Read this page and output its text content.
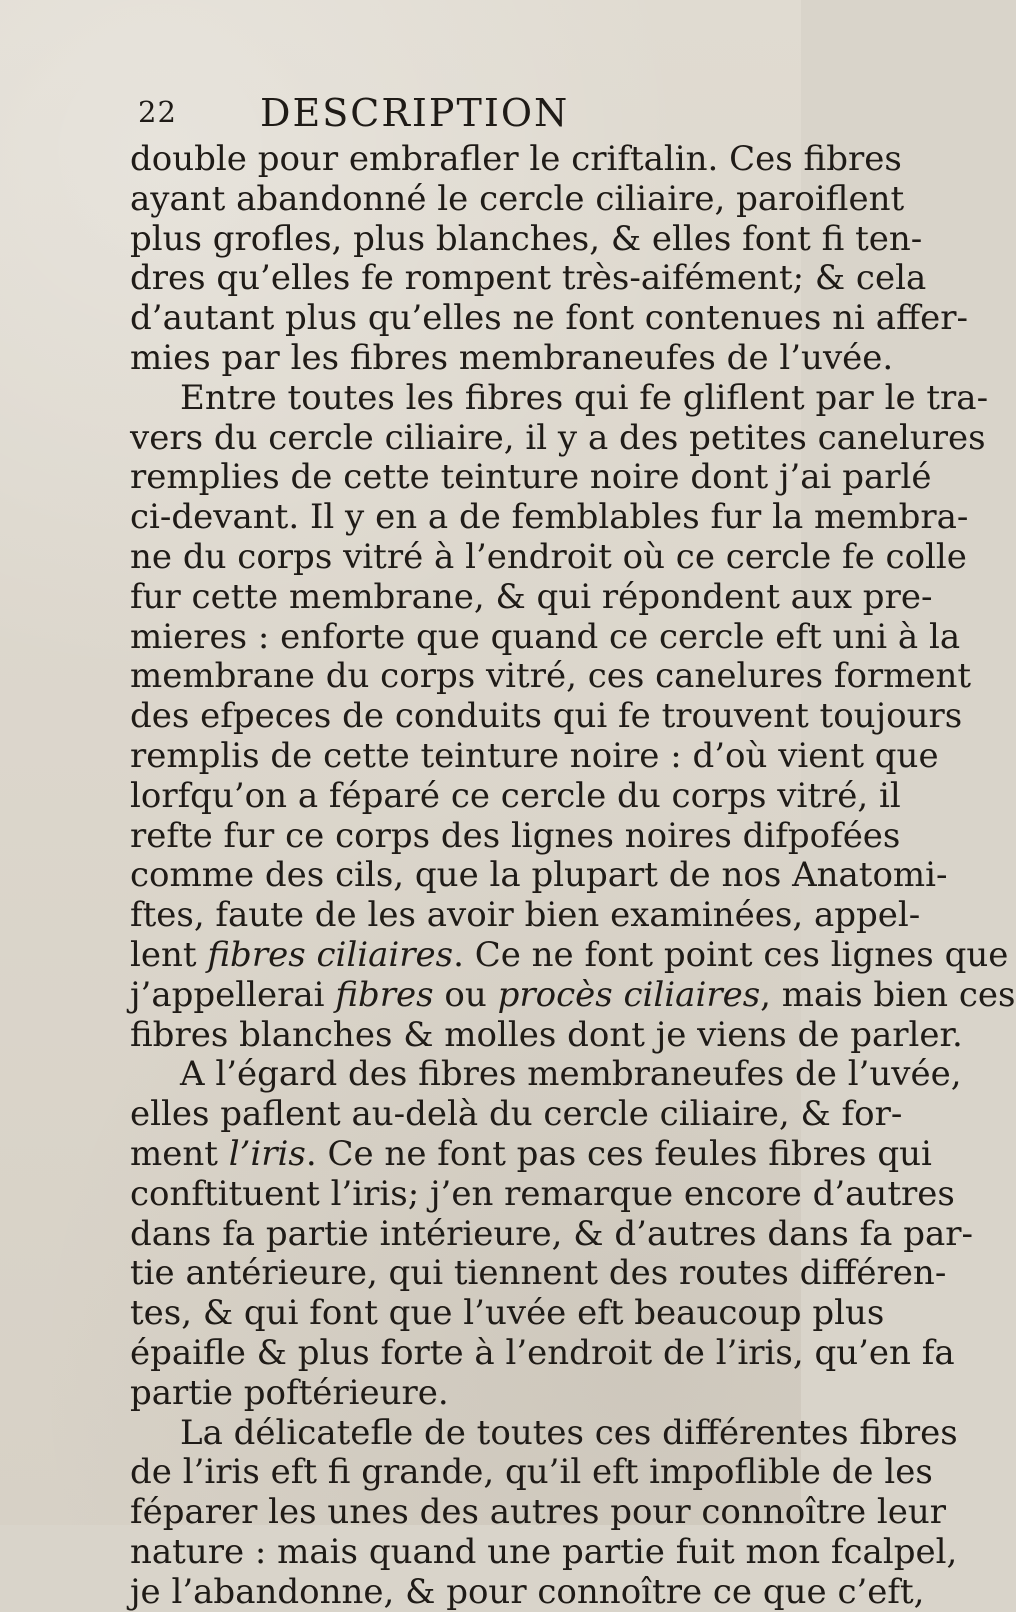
22 DESCRIPTION
double pour embrafler le criftalin. Ces fibres
ayant abandonné le cercle ciliaire, paroiflent
plus grofles, plus blanches, & elles font fi ten-
dres qu’elles fe rompent très-aifément; & cela
d’autant plus qu’elles ne font contenues ni affer-
mies par les fibres membraneufes de l’uvée.
Entre toutes les fibres qui fe gliflent par le tra-
vers du cercle ciliaire, il y a des petites canelures
remplies de cette teinture noire dont j’ai parlé
ci-devant. Il y en a de femblables fur la membra-
ne du corps vitré à l’endroit où ce cercle fe colle
fur cette membrane, & qui répondent aux pre-
mieres : enforte que quand ce cercle eft uni à la
membrane du corps vitré, ces canelures forment
des efpeces de conduits qui fe trouvent toujours
remplis de cette teinture noire : d’où vient que
lorfqu’on a féparé ce cercle du corps vitré, il
refte fur ce corps des lignes noires difpofées
comme des cils, que la plupart de nos Anatomi-
ftes, faute de les avoir bien examinées, appel-
lent fibres ciliaires. Ce ne font point ces lignes que
j’appellerai fibres ou procès ciliaires, mais bien ces
fibres blanches & molles dont je viens de parler.
A l’égard des fibres membraneufes de l’uvée,
elles paflent au-delà du cercle ciliaire, & for-
ment l’iris. Ce ne font pas ces feules fibres qui
conftituent l’iris; j’en remarque encore d’autres
dans fa partie intérieure, & d’autres dans fa par-
tie antérieure, qui tiennent des routes différen-
tes, & qui font que l’uvée eft beaucoup plus
épaifle & plus forte à l’endroit de l’iris, qu’en fa
partie poftérieure.
La délicatefle de toutes ces différentes fibres
de l’iris eft fi grande, qu’il eft impoflible de les
féparer les unes des autres pour connoître leur
nature : mais quand une partie fuit mon fcalpel,
je l’abandonne, & pour connoître ce que c’eft,
